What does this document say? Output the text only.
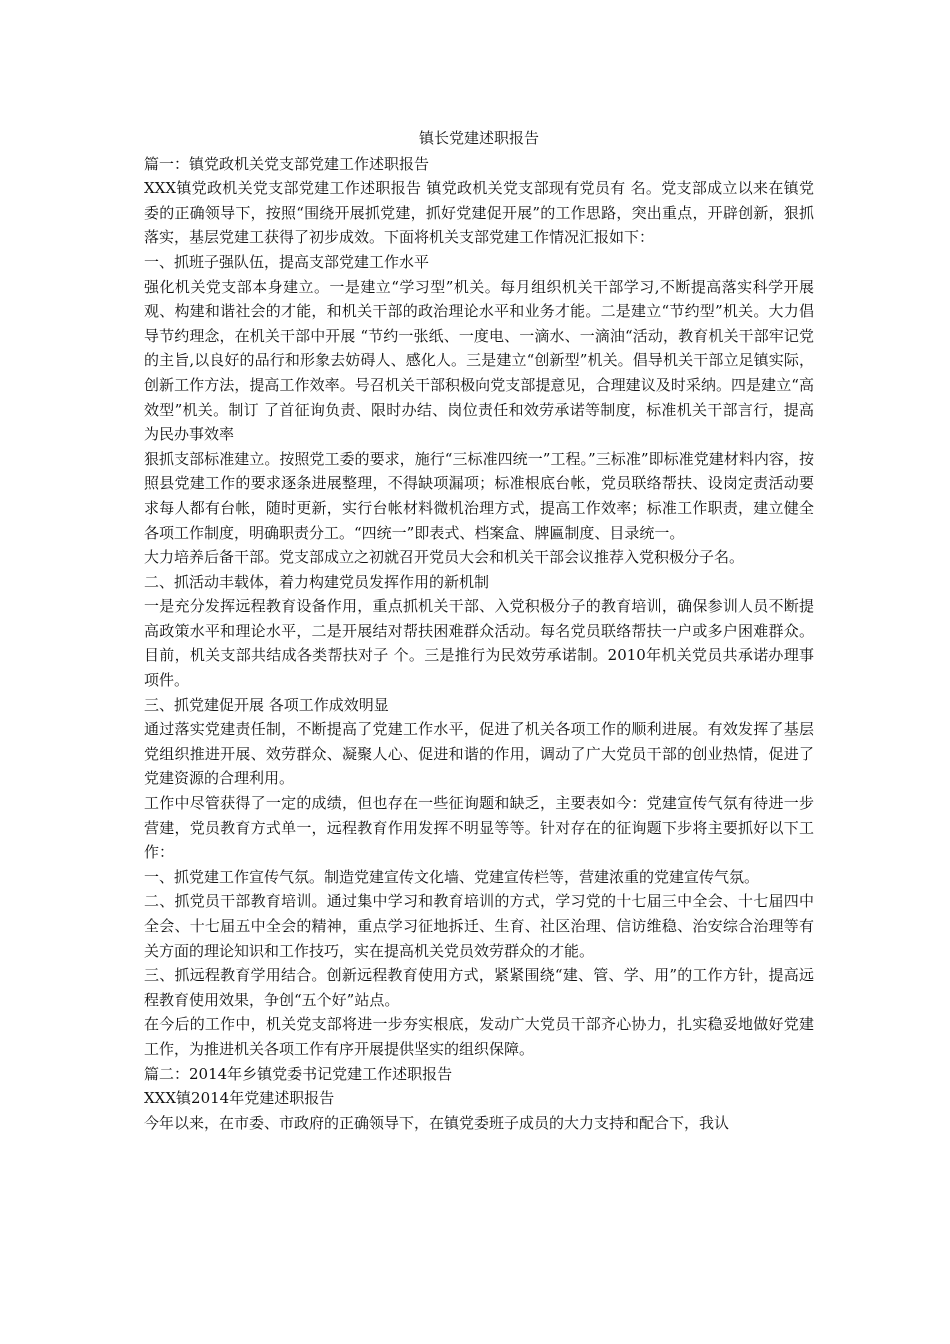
镇长党建述职报告

篇一：镇党政机关党支部党建工作述职报告

XXX镇党政机关党支部党建工作述职报告 镇党政机关党支部现有党员有 名。党支部成立以来在镇党委的正确领导下，按照“围绕开展抓党建，抓好党建促开展”的工作思路，突出重点，开辟创新，狠抓落实，基层党建工获得了初步成效。下面将机关支部党建工作情况汇报如下：

一、抓班子强队伍，提高支部党建工作水平

强化机关党支部本身建立。一是建立“学习型”机关。每月组织机关干部学习,不断提高落实科学开展观、构建和谐社会的才能，和机关干部的政治理论水平和业务才能。二是建立“节约型”机关。大力倡导节约理念，在机关干部中开展 “节约一张纸、一度电、一滴水、一滴油“活动，教育机关干部牢记党的主旨,以良好的品行和形象去妨碍人、感化人。三是建立“创新型”机关。倡导机关干部立足镇实际，创新工作方法，提高工作效率。号召机关干部积极向党支部提意见，合理建议及时采纳。四是建立“高效型”机关。制订 了首征询负责、限时办结、岗位责任和效劳承诺等制度，标准机关干部言行，提高为民办事效率

狠抓支部标准建立。按照党工委的要求，施行“三标准四统一”工程。”三标准”即标准党建材料内容，按照县党建工作的要求逐条进展整理，不得缺项漏项；标准根底台帐，党员联络帮扶、设岗定责活动要求每人都有台帐，随时更新，实行台帐材料微机治理方式，提高工作效率；标准工作职责，建立健全各项工作制度，明确职责分工。“四统一”即表式、档案盒、牌匾制度、目录统一。

大力培养后备干部。党支部成立之初就召开党员大会和机关干部会议推荐入党积极分子名。

二、抓活动丰载体，着力构建党员发挥作用的新机制

一是充分发挥远程教育设备作用，重点抓机关干部、入党积极分子的教育培训，确保参训人员不断提高政策水平和理论水平，二是开展结对帮扶困难群众活动。每名党员联络帮扶一户或多户困难群众。目前，机关支部共结成各类帮扶对子 个。三是推行为民效劳承诺制。2010年机关党员共承诺办理事项件。

三、抓党建促开展 各项工作成效明显

通过落实党建责任制，不断提高了党建工作水平，促进了机关各项工作的顺利进展。有效发挥了基层党组织推进开展、效劳群众、凝聚人心、促进和谐的作用，调动了广大党员干部的创业热情，促进了党建资源的合理利用。

工作中尽管获得了一定的成绩，但也存在一些征询题和缺乏，主要表如今：党建宣传气氛有待进一步营建，党员教育方式单一，远程教育作用发挥不明显等等。针对存在的征询题下步将主要抓好以下工作：

一、抓党建工作宣传气氛。制造党建宣传文化墙、党建宣传栏等，营建浓重的党建宣传气氛。

二、抓党员干部教育培训。通过集中学习和教育培训的方式，学习党的十七届三中全会、十七届四中全会、十七届五中全会的精神，重点学习征地拆迁、生育、社区治理、信访维稳、治安综合治理等有关方面的理论知识和工作技巧，实在提高机关党员效劳群众的才能。

三、抓远程教育学用结合。创新远程教育使用方式，紧紧围绕“建、管、学、用”的工作方针，提高远程教育使用效果，争创“五个好”站点。

在今后的工作中，机关党支部将进一步夯实根底，发动广大党员干部齐心协力，扎实稳妥地做好党建工作，为推进机关各项工作有序开展提供坚实的组织保障。

篇二：2014年乡镇党委书记党建工作述职报告

XXX镇2014年党建述职报告

今年以来，在市委、市政府的正确领导下，在镇党委班子成员的大力支持和配合下，我认
